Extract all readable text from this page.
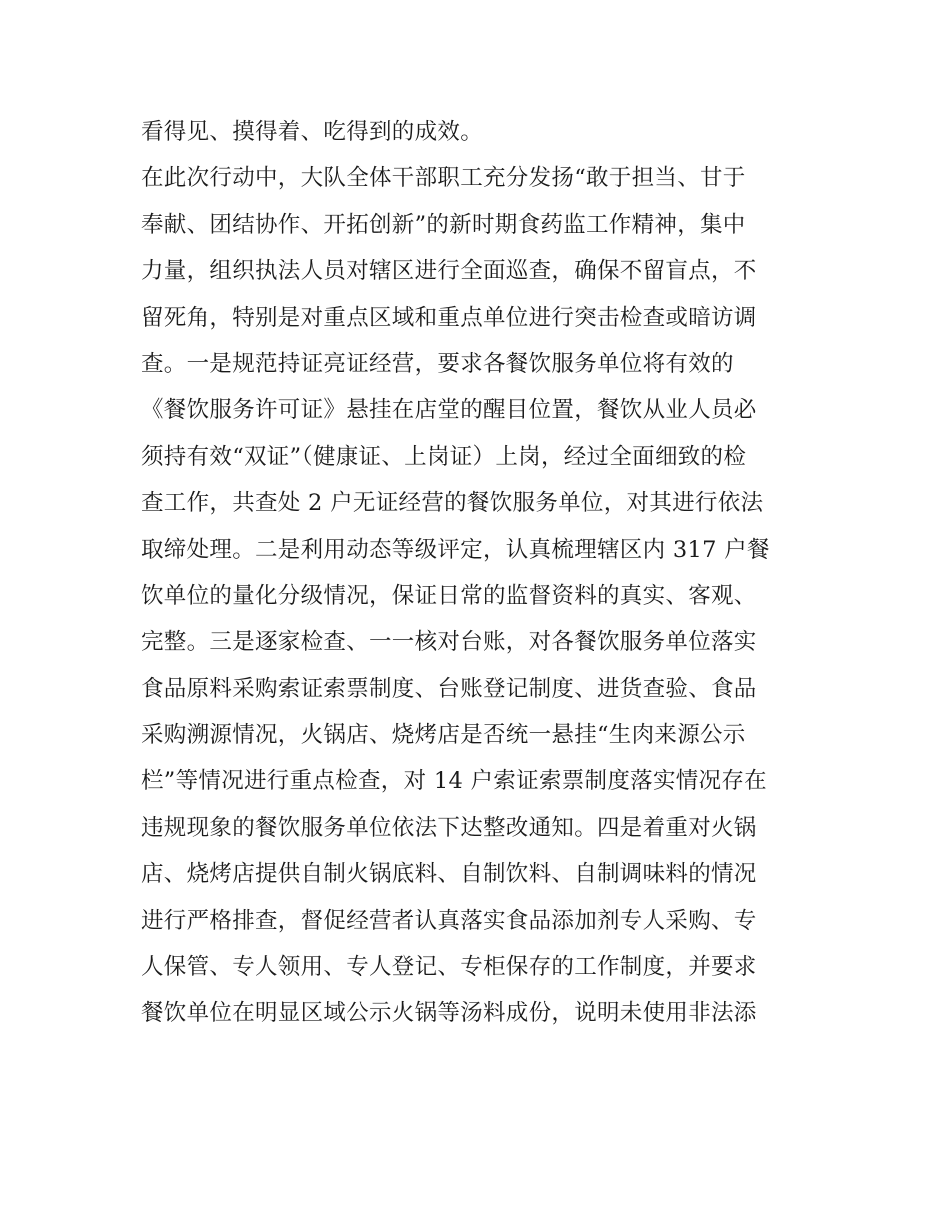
看得见、摸得着、吃得到的成效。
在此次行动中，大队全体干部职工充分发扬“敢于担当、甘于
奉献、团结协作、开拓创新”的新时期食药监工作精神，集中
力量，组织执法人员对辖区进行全面巡查，确保不留盲点，不
留死角，特别是对重点区域和重点单位进行突击检查或暗访调
查。一是规范持证亮证经营，要求各餐饮服务单位将有效的
《餐饮服务许可证》悬挂在店堂的醒目位置，餐饮从业人员必
须持有效“双证”（健康证、上岗证）上岗，经过全面细致的检
查工作，共查处 2 户无证经营的餐饮服务单位，对其进行依法
取缔处理。二是利用动态等级评定，认真梳理辖区内 317 户餐
饮单位的量化分级情况，保证日常的监督资料的真实、客观、
完整。三是逐家检查、一一核对台账，对各餐饮服务单位落实
食品原料采购索证索票制度、台账登记制度、进货查验、食品
采购溯源情况，火锅店、烧烤店是否统一悬挂“生肉来源公示
栏”等情况进行重点检查，对 14 户索证索票制度落实情况存在
违规现象的餐饮服务单位依法下达整改通知。四是着重对火锅
店、烧烤店提供自制火锅底料、自制饮料、自制调味料的情况
进行严格排查，督促经营者认真落实食品添加剂专人采购、专
人保管、专人领用、专人登记、专柜保存的工作制度，并要求
餐饮单位在明显区域公示火锅等汤料成份，说明未使用非法添
